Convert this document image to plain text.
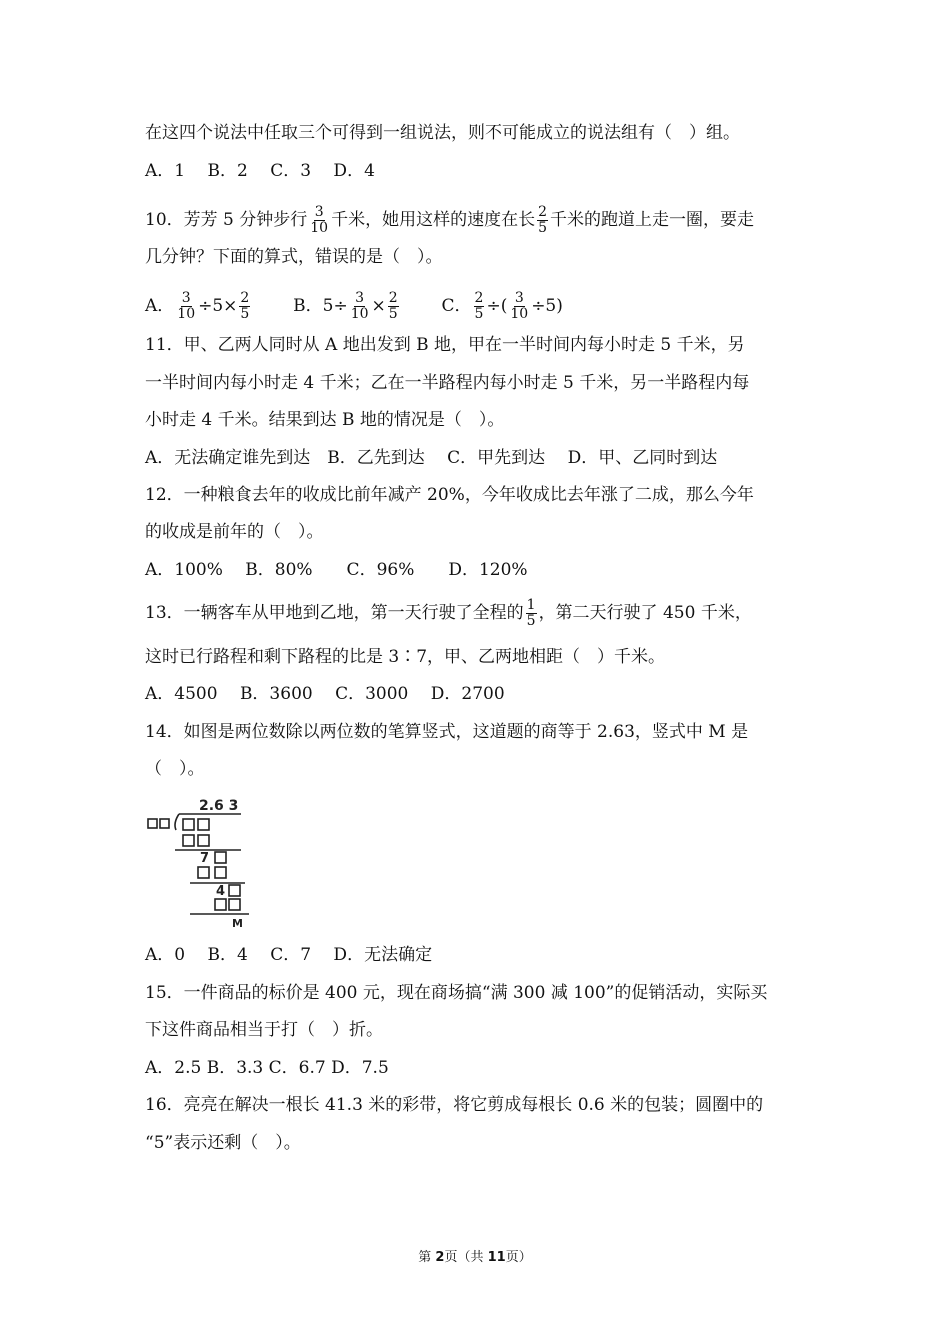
在这四个说法中任取三个可得到一组说法，则不可能成立的说法组有（　）组。
A．1　 B．2　 C．3　 D．4
10．芳芳 5 分钟步行 $\frac{3}{10}$ 千米，她用这样的速度在长 $\frac{2}{5}$ 千米的跑道上走一圈，要走
几分钟？下面的算式，错误的是（　）。
A． $\frac{3}{10} \div 5\times \frac{2}{5}$	B．$5\div \frac{3}{10} \times \frac{2}{5}$	C． $\frac{2}{5}$ ÷( $\frac{3}{10} \div 5$)
11．甲、乙两人同时从 A 地出发到 B 地，甲在一半时间内每小时走 5 千米，另
一半时间内每小时走 4 千米；乙在一半路程内每小时走 5 千米，另一半路程内每
小时走 4 千米。结果到达 B 地的情况是（　）。
A．无法确定谁先到达　B．乙先到达　 C．甲先到达　 D．甲、乙同时到达
12．一种粮食去年的收成比前年减产 20%，今年收成比去年涨了二成，那么今年
的收成是前年的（　）。
A．100%　 B．80%　　C．96%　　D．120%
13．一辆客车从甲地到乙地，第一天行驶了全程的 $\frac{1}{5}$ ，第二天行驶了 450 千米，
这时已行路程和剩下路程的比是 3∶7，甲、乙两地相距（　）千米。
A．4500　 B．3600　 C．3000　 D．2700
14．如图是两位数除以两位数的笔算竖式，这道题的商等于 2.63，竖式中 M 是
（　）。
2.6 3
7
4
M
A．0　 B．4　 C．7　 D．无法确定
15．一件商品的标价是 400 元，现在商场搞“满 300 减 100”的促销活动，实际买
下这件商品相当于打（　）折。
A．2.5 B．3.3 C．6.7 D．7.5
16．亮亮在解决一根长 41.3 米的彩带，将它剪成每根长 0.6 米的包装；圆圈中的
“5”表示还剩（　）。
第 2页（共 11页）
